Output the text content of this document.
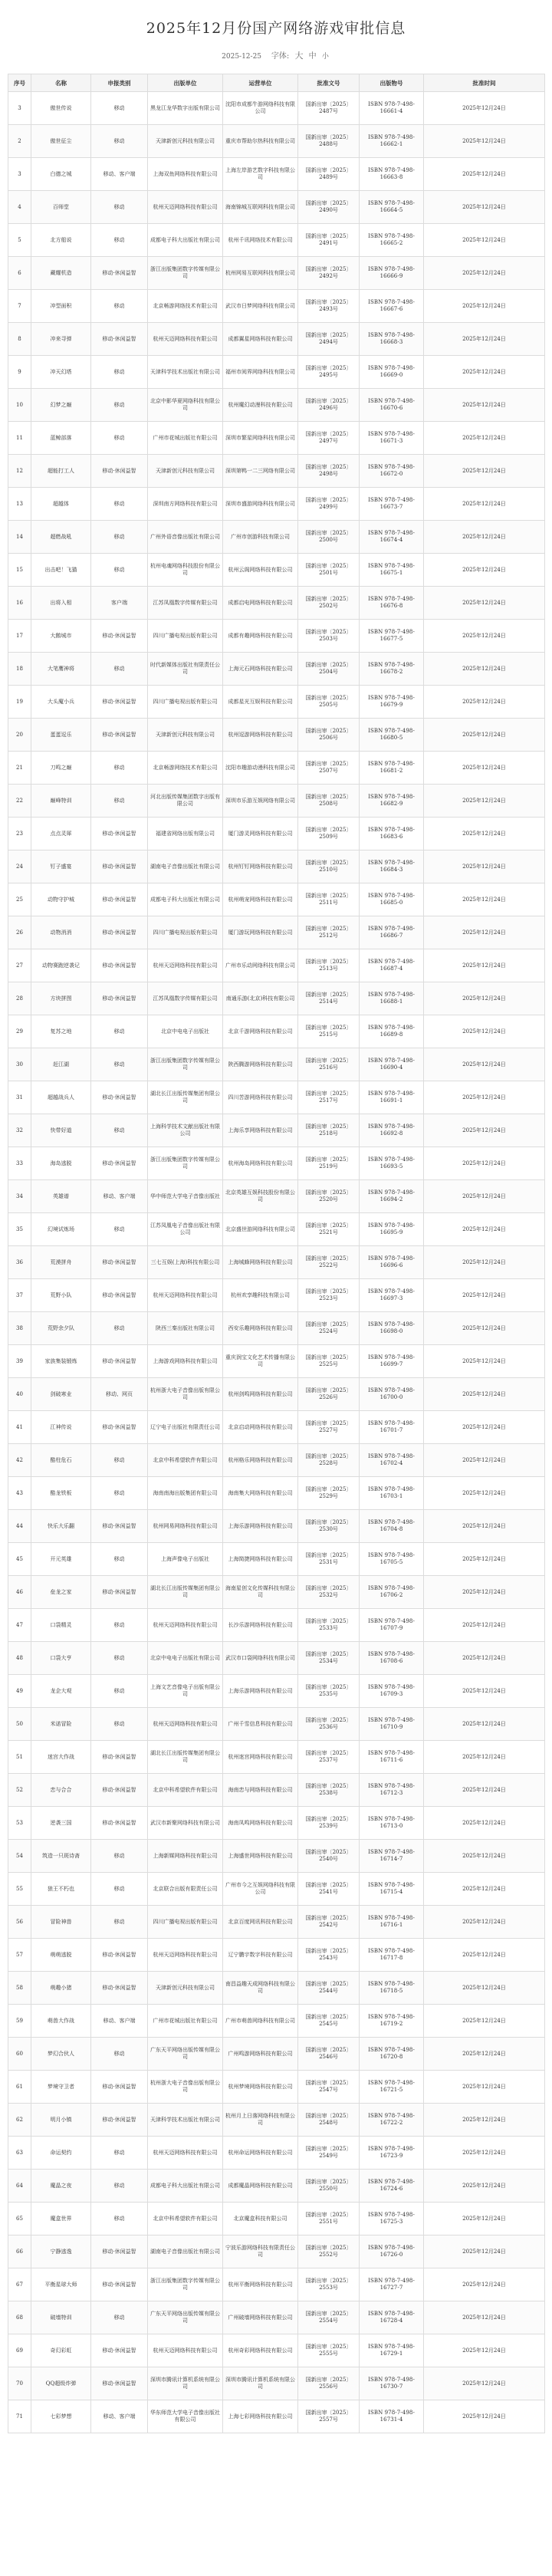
2025年12月份国产网络游戏审批信息
2025-12-25 字体: 大 中 小
序号	名称	申报类别	出版单位	运营单位	批准文号	出版物号	批准时间
3	傲世传说	移动	黑龙江龙华数字出版有限公司	沈阳市成都牛游网络科技有限公司	国新出审〔2025〕2487号	ISBN 978-7-498-16661-4	2025年12月24日
2	傲世征尘	移动	天津新创元科技有限公司	重庆市帮助尔热科技有限公司	国新出审〔2025〕2488号	ISBN 978-7-498-16662-1	2025年12月24日
3	白德之城	移动、客户端	上海双鱼网络科技有限公司	上海左岸游艺数字科技有限公司	国新出审〔2025〕2489号	ISBN 978-7-498-16663-8	2025年12月24日
4	百师堂	移动	杭州天迈网络科技有限公司	海南锦城互联网科技有限公司	国新出审〔2025〕2490号	ISBN 978-7-498-16664-5	2025年12月24日
5	北方船说	移动	成都电子科大出版社有限公司	杭州千讯网络技术有限公司	国新出审〔2025〕2491号	ISBN 978-7-498-16665-2	2025年12月24日
6	藏耀机造	移动·休闲益智	浙江出版集团数字传媒有限公司	杭州网易互联网科技有限公司	国新出审〔2025〕2492号	ISBN 978-7-498-16666-9	2025年12月24日
7	冲型面积	移动	北京畅游网络技术有限公司	武汉市日梦网络科技有限公司	国新出审〔2025〕2493号	ISBN 978-7-498-16667-6	2025年12月24日
8	冲来寻弹	移动·休闲益智	杭州天迈网络科技有限公司	成都翼星网络科技有限公司	国新出审〔2025〕2494号	ISBN 978-7-498-16668-3	2025年12月24日
9	冲天幻塔	移动	天津科学技术出版社有限公司	福州市阅界网络科技有限公司	国新出审〔2025〕2495号	ISBN 978-7-498-16669-0	2025年12月24日
10	幻梦之巅	移动	北京中影华夏网络科技有限公司	杭州魔幻动漫科技有限公司	国新出审〔2025〕2496号	ISBN 978-7-498-16670-6	2025年12月24日
11	蓝鲸部落	移动	广州市花城出版社有限公司	深圳市繁星网络科技有限公司	国新出审〔2025〕2497号	ISBN 978-7-498-16671-3	2025年12月24日
12	超能打工人	移动·休闲益智	天津新创元科技有限公司	深圳第鸭一二三网络有限公司	国新出审〔2025〕2498号	ISBN 978-7-498-16672-0	2025年12月24日
13	超越体	移动	深圳南方网络科技有限公司	深圳市盛游网络科技有限公司	国新出审〔2025〕2499号	ISBN 978-7-498-16673-7	2025年12月24日
14	超燃战吼	移动	广州外语音像出版社有限公司	广州市创游科技有限公司	国新出审〔2025〕2500号	ISBN 978-7-498-16674-4	2025年12月24日
15	出击吧！飞猫	移动	杭州电魂网络科技股份有限公司	杭州云阁网络科技有限公司	国新出审〔2025〕2501号	ISBN 978-7-498-16675-1	2025年12月24日
16	出将入相	客户端	江苏凤凰数字传媒有限公司	成都启电网络科技有限公司	国新出审〔2025〕2502号	ISBN 978-7-498-16676-8	2025年12月24日
17	大鹅城市	移动·休闲益智	四川广播电视出版有限公司	成都有趣网络科技有限公司	国新出审〔2025〕2503号	ISBN 978-7-498-16677-5	2025年12月24日
18	大笔鹰神将	移动	时代新媒体出版社有限责任公司	上海元石网络科技有限公司	国新出审〔2025〕2504号	ISBN 978-7-498-16678-2	2025年12月24日
19	大头魔小兵	移动·休闲益智	四川广播电视出版有限公司	成都星光互娱科技有限公司	国新出审〔2025〕2505号	ISBN 978-7-498-16679-9	2025年12月24日
20	蛋蛋逗乐	移动·休闲益智	天津新创元科技有限公司	杭州逗游网络科技有限公司	国新出审〔2025〕2506号	ISBN 978-7-498-16680-5	2025年12月24日
21	刀鸣之巅	移动	北京畅游网络技术有限公司	沈阳市趣游动漫科技有限公司	国新出审〔2025〕2507号	ISBN 978-7-498-16681-2	2025年12月24日
22	巅峰特训	移动	河北出版传媒集团数字出版有限公司	深圳市乐游互娱网络有限公司	国新出审〔2025〕2508号	ISBN 978-7-498-16682-9	2025年12月24日
23	点点灵犀	移动·休闲益智	福建省网络出版有限公司	厦门游灵网络科技有限公司	国新出审〔2025〕2509号	ISBN 978-7-498-16683-6	2025年12月24日
24	钉子盛宴	移动·休闲益智	湖南电子音像出版社有限公司	杭州钉钉网络科技有限公司	国新出审〔2025〕2510号	ISBN 978-7-498-16684-3	2025年12月24日
25	动物守护城	移动·休闲益智	成都电子科大出版社有限公司	杭州萌宠网络科技有限公司	国新出审〔2025〕2511号	ISBN 978-7-498-16685-0	2025年12月24日
26	动物消消	移动·休闲益智	四川广播电视出版有限公司	厦门游玩网络科技有限公司	国新出审〔2025〕2512号	ISBN 978-7-498-16686-7	2025年12月24日
27	动物赛跑逆袭记	移动·休闲益智	杭州天迈网络科技有限公司	广州市乐动网络科技有限公司	国新出审〔2025〕2513号	ISBN 978-7-498-16687-4	2025年12月24日
28	方块拼图	移动·休闲益智	江苏凤凰数字传媒有限公司	南通乐游(北京)科技有限公司	国新出审〔2025〕2514号	ISBN 978-7-498-16688-1	2025年12月24日
29	复苏之地	移动	北京中电电子出版社	北京千游网络科技有限公司	国新出审〔2025〕2515号	ISBN 978-7-498-16689-8	2025年12月24日
30	赶江湖	移动	浙江出版集团数字传媒有限公司	陕西腾游网络科技有限公司	国新出审〔2025〕2516号	ISBN 978-7-498-16690-4	2025年12月24日
31	超越战兵人	移动·休闲益智	湖北长江出版传媒集团有限公司	四川苦游网络科技有限公司	国新出审〔2025〕2517号	ISBN 978-7-498-16691-1	2025年12月24日
32	快带好道	移动	上海科学技术文献出版社有限公司	上海乐享网络科技有限公司	国新出审〔2025〕2518号	ISBN 978-7-498-16692-8	2025年12月24日
33	海岛逃脱	移动·休闲益智	浙江出版集团数字传媒有限公司	杭州海岛网络科技有限公司	国新出审〔2025〕2519号	ISBN 978-7-498-16693-5	2025年12月24日
34	英雄谱	移动、客户端	华中师范大学电子音像出版社	北京英雄互娱科技股份有限公司	国新出审〔2025〕2520号	ISBN 978-7-498-16694-2	2025年12月24日
35	幻境试炼场	移动	江苏凤凰电子音像出版社有限公司	北京盛世游网络科技有限公司	国新出审〔2025〕2521号	ISBN 978-7-498-16695-9	2025年12月24日
36	荒漠拼舟	移动·休闲益智	三七互娱(上海)科技有限公司	上海城蜂网络科技有限公司	国新出审〔2025〕2522号	ISBN 978-7-498-16696-6	2025年12月24日
37	荒野小队	移动·休闲益智	杭州天迈网络科技有限公司	杭州欢享趣科技有限公司	国新出审〔2025〕2523号	ISBN 978-7-498-16697-3	2025年12月24日
38	荒野余夕队	移动	陕西三秦出版社有限公司	西安乐趣网络科技有限公司	国新出审〔2025〕2524号	ISBN 978-7-498-16698-0	2025年12月24日
39	家族集装锻炼	移动·休闲益智	上海游戏网络科技有限公司	重庆润宝文化艺术传播有限公司	国新出审〔2025〕2525号	ISBN 978-7-498-16699-7	2025年12月24日
40	剑破寒业	移动、网页	杭州浙大电子音像出版有限公司	杭州剑鸣网络科技有限公司	国新出审〔2025〕2526号	ISBN 978-7-498-16700-0	2025年12月24日
41	江神传说	移动·休闲益智	辽宁电子出版社有限责任公司	北京启动网络科技有限公司	国新出审〔2025〕2527号	ISBN 978-7-498-16701-7	2025年12月24日
42	酷柱危石	移动	北京中科希望软件有限公司	杭州格乐网络科技有限公司	国新出审〔2025〕2528号	ISBN 978-7-498-16702-4	2025年12月24日
43	酷龙铁板	移动	海南南海出版集团有限公司	海南集大网络科技有限公司	国新出审〔2025〕2529号	ISBN 978-7-498-16703-1	2025年12月24日
44	快乐大乐翻	移动·休闲益智	杭州网易网络科技有限公司	上海乐游网络科技有限公司	国新出审〔2025〕2530号	ISBN 978-7-498-16704-8	2025年12月24日
45	开元英雄	移动	上海声像电子出版社	上海简捷网络科技有限公司	国新出审〔2025〕2531号	ISBN 978-7-498-16705-5	2025年12月24日
46	垒龙之家	移动·休闲益智	湖北长江出版传媒集团有限公司	海南星创文化传媒科技有限公司	国新出审〔2025〕2532号	ISBN 978-7-498-16706-2	2025年12月24日
47	口袋精灵	移动	杭州天迈网络科技有限公司	长沙乐游网络科技有限公司	国新出审〔2025〕2533号	ISBN 978-7-498-16707-9	2025年12月24日
48	口袋大亨	移动	北京中电电子出版社有限公司	武汉市口袋网络科技有限公司	国新出审〔2025〕2534号	ISBN 978-7-498-16708-6	2025年12月24日
49	龙企大观	移动	上海文艺音像电子出版有限公司	上海乐游网络科技有限公司	国新出审〔2025〕2535号	ISBN 978-7-498-16709-3	2025年12月24日
50	米诺冒险	移动	杭州天迈网络科技有限公司	广州千雪信息科技有限公司	国新出审〔2025〕2536号	ISBN 978-7-498-16710-9	2025年12月24日
51	迷宫大作战	移动·休闲益智	湖北长江出版传媒集团有限公司	杭州迷宫网络科技有限公司	国新出审〔2025〕2537号	ISBN 978-7-498-16711-6	2025年12月24日
52	恋与合合	移动·休闲益智	北京中科希望软件有限公司	海南恋与网络科技有限公司	国新出审〔2025〕2538号	ISBN 978-7-498-16712-3	2025年12月24日
53	逆袭三国	移动·休闲益智	武汉市新聚网络科技有限公司	海南凤鸣网络科技有限公司	国新出审〔2025〕2539号	ISBN 978-7-498-16713-0	2025年12月24日
54	筑造一只斑诗斋	移动	上海新媒网络科技有限公司	上海盛世网络科技有限公司	国新出审〔2025〕2540号	ISBN 978-7-498-16714-7	2025年12月24日
55	狼王不朽也	移动	北京联合出版有限责任公司	广州市今之互娱网络科技有限公司	国新出审〔2025〕2541号	ISBN 978-7-498-16715-4	2025年12月24日
56	冒险神兽	移动	四川广播电视出版有限公司	北京百度网讯科技有限公司	国新出审〔2025〕2542号	ISBN 978-7-498-16716-1	2025年12月24日
57	萌萌逃脱	移动·休闲益智	杭州天迈网络科技有限公司	辽宁鹏宇数字科技有限公司	国新出审〔2025〕2543号	ISBN 978-7-498-16717-8	2025年12月24日
58	萌趣小猪	移动·休闲益智	天津新创元科技有限公司	南昌益趣天成网络科技有限公司	国新出审〔2025〕2544号	ISBN 978-7-498-16718-5	2025年12月24日
59	萌兽大作战	移动、客户端	广州市花城出版社有限公司	广州市萌兽网络科技有限公司	国新出审〔2025〕2545号	ISBN 978-7-498-16719-2	2025年12月24日
60	梦幻合伙人	移动	广东天平网络出版传媒有限公司	广州鸣游网络科技有限公司	国新出审〔2025〕2546号	ISBN 978-7-498-16720-8	2025年12月24日
61	梦境守卫者	移动·休闲益智	杭州浙大电子音像出版有限公司	杭州梦境网络科技有限公司	国新出审〔2025〕2547号	ISBN 978-7-498-16721-5	2025年12月24日
62	明月小镇	移动·休闲益智	天津科学技术出版社有限公司	杭州月上日落网络科技有限公司	国新出审〔2025〕2548号	ISBN 978-7-498-16722-2	2025年12月24日
63	命运契约	移动	杭州天迈网络科技有限公司	杭州命运网络科技有限公司	国新出审〔2025〕2549号	ISBN 978-7-498-16723-9	2025年12月24日
64	魔晶之夜	移动	成都电子科大出版社有限公司	成都魔晶网络科技有限公司	国新出审〔2025〕2550号	ISBN 978-7-498-16724-6	2025年12月24日
65	魔盒世界	移动	北京中科希望软件有限公司	北京魔盒科技有限公司	国新出审〔2025〕2551号	ISBN 978-7-498-16725-3	2025年12月24日
66	宁静逃逸	移动·休闲益智	湖南电子音像出版社有限公司	宁波乐游网络科技有限责任公司	国新出审〔2025〕2552号	ISBN 978-7-498-16726-0	2025年12月24日
67	平衡星球大师	移动·休闲益智	浙江出版集团数字传媒有限公司	杭州平衡网络科技有限公司	国新出审〔2025〕2553号	ISBN 978-7-498-16727-7	2025年12月24日
68	破墙特训	移动	广东天平网络出版传媒有限公司	广州破墙网络科技有限公司	国新出审〔2025〕2554号	ISBN 978-7-498-16728-4	2025年12月24日
69	奇幻彩虹	移动·休闲益智	杭州天迈网络科技有限公司	杭州奇彩网络科技有限公司	国新出审〔2025〕2555号	ISBN 978-7-498-16729-1	2025年12月24日
70	QQ超级炸弹	移动·休闲益智	深圳市腾讯计算机系统有限公司	深圳市腾讯计算机系统有限公司	国新出审〔2025〕2556号	ISBN 978-7-498-16730-7	2025年12月24日
71	七彩梦想	移动、客户端	华东师范大学电子音像出版社有限公司	上海七彩网络科技有限公司	国新出审〔2025〕2557号	ISBN 978-7-498-16731-4	2025年12月24日
